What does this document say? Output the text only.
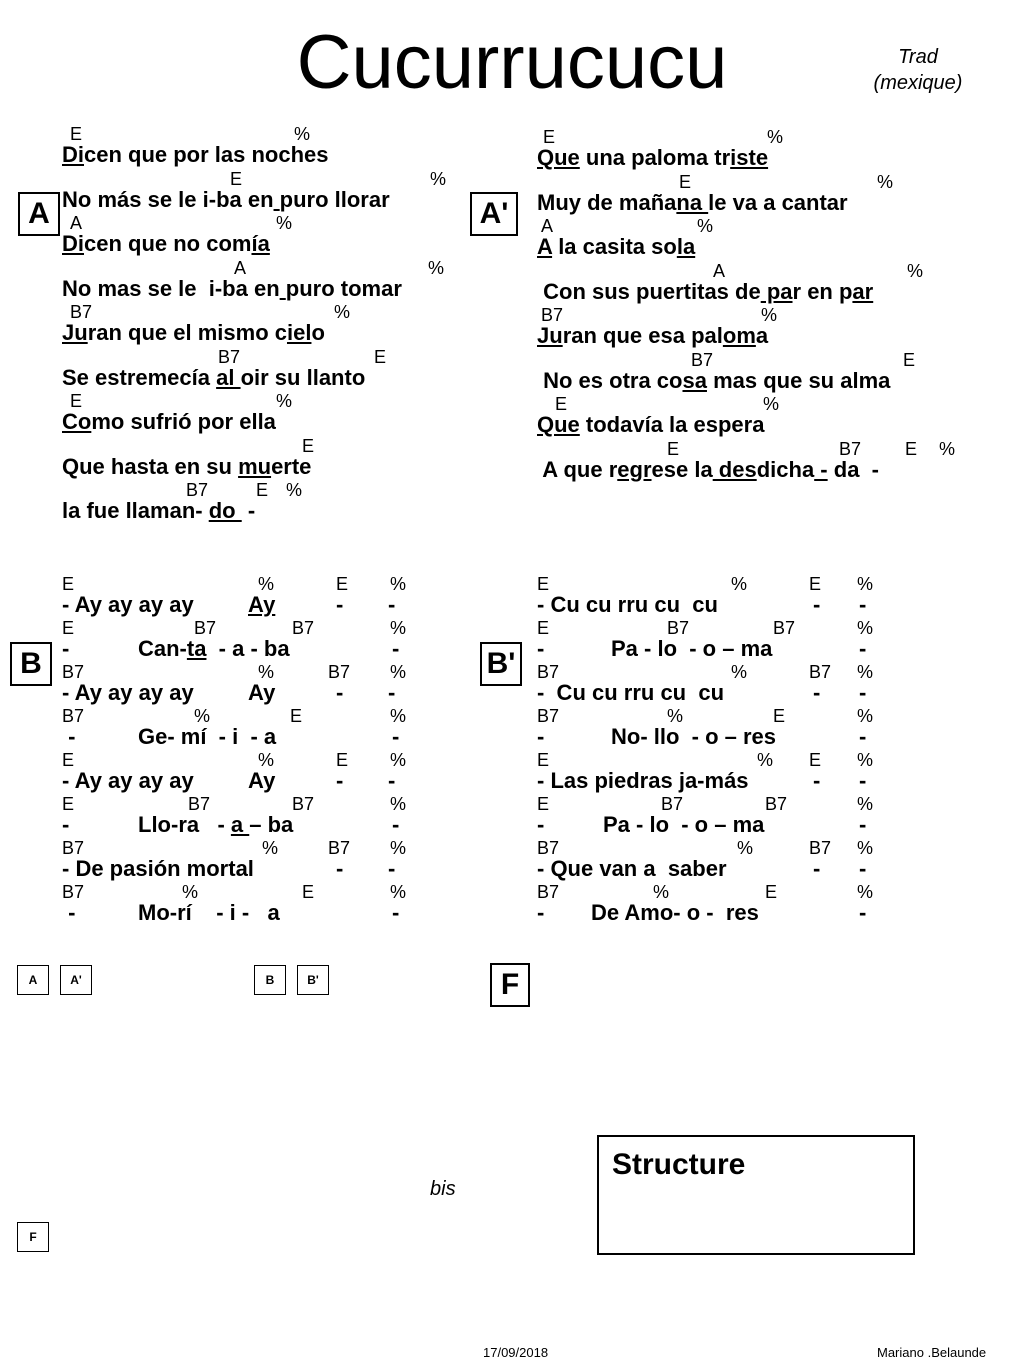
Cucurrucucu	Trad
(mexique)
A
E	%
Dicen que por las noches
E	%
No más se le i-ba en puro llorar
A	%
Dicen que no comía
A	%
No mas se le  i-ba en puro tomar
B7	%
Juran que el mismo cielo
B7	E
Se estremecía al oir su llanto
E	%
Como sufrió por ella
E
Que hasta en su muerte
B7	E %
la fue llaman- do  -
A'
E	%
Que una paloma triste
E	%
Muy de mañana le va a cantar
A	%
A la casita sola
A	%
Con sus puertitas de par en par
B7	%
Juran que esa paloma
B7	E
No es otra cosa mas que su alma
E	%
Que todavía la espera
E	B7 E %
A que regrese la desdicha - da  -
B
E	%	E %
- Ay ay ay ay Ay	- -
E	B7	B7	%
-	Can-ta  - a - ba	-
B7	%	B7 %
- Ay ay ay ay Ay	- -
B7	%	E	%
-	Ge- mí  - i  - a	-
E	%	E %
- Ay ay ay ay Ay	- -
E	B7	B7	%
-	Llo-ra   - a – ba	-
B7	%	B7 %
- De pasión mortal	- -
B7	%	E	%
-	Mo-rí    - i -   a	-
B'
E	%	E %
- Cu cu rru cu  cu	- -
E	B7	B7	%
-	Pa - lo  - o – ma	-
B7	%	B7 %
-  Cu cu rru cu  cu	- -
B7	%	E	%
-	No- llo  - o – res	-
E	% E %
- Las piedras ja-más	- -
E	B7	B7	%
-	Pa - lo  - o – ma	-
B7	%	B7 %
- Que van a  saber	- -
B7	%	E	%
- De Amo- o -  res	-
F
A	A'	B	B'
bis
F
Structure
17/09/2018	Mariano .Belaunde
